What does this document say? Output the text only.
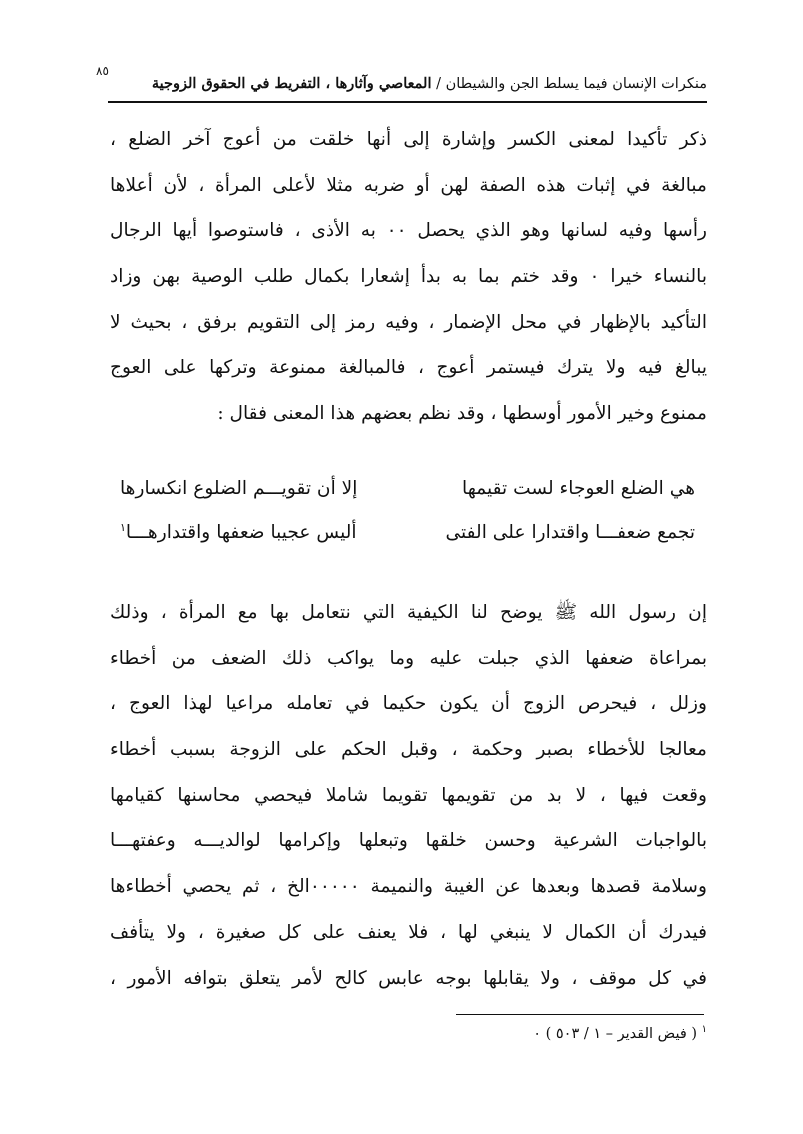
٨٥
منكرات الإنسان فيما يسلط الجن والشيطان / المعاصي وآثارها ، التفريط في الحقوق الزوجية
ذكر تأكيدا لمعنى الكسر وإشارة إلى أنها خلقت من أعوج آخر الضلع ،
مبالغة في إثبات هذه الصفة لهن أو ضربه مثلا لأعلى المرأة ، لأن أعلاها
رأسها وفيه لسانها وهو الذي يحصل ٠٠ به الأذى ، فاستوصوا أيها الرجال
بالنساء خيرا ٠ وقد ختم بما به بدأ إشعارا بكمال طلب الوصية بهن وزاد
التأكيد بالإظهار في محل الإضمار ، وفيه رمز إلى التقويم برفق ، بحيث لا
يبالغ فيه ولا يترك فيستمر أعوج ، فالمبالغة ممنوعة وتركها على العوج
ممنوع وخير الأمور أوسطها ، وقد نظم بعضهم هذا المعنى فقال :
هي الضلع العوجاء لست تقيمها
إلا أن تقويـــم الضلوع انكسارها
تجمع ضعفـــا واقتدارا على الفتى
أليس عجيبا ضعفها واقتدارهـــا$^١$
إن رسول الله ﷺ يوضح لنا الكيفية التي نتعامل بها مع المرأة ، وذلك
بمراعاة ضعفها الذي جبلت عليه وما يواكب ذلك الضعف من أخطاء
وزلل ، فيحرص الزوج أن يكون حكيما في تعامله مراعيا لهذا العوج ،
معالجا للأخطاء بصبر وحكمة ، وقبل الحكم على الزوجة بسبب أخطاء
وقعت فيها ، لا بد من تقويمها تقويما شاملا فيحصي محاسنها كقيامها
بالواجبات الشرعية وحسن خلقها وتبعلها وإكرامها لوالديـــه وعفتهـــا
وسلامة قصدها وبعدها عن الغيبة والنميمة ٠٠٠٠٠الخ ، ثم يحصي أخطاءها
فيدرك أن الكمال لا ينبغي لها ، فلا يعنف على كل صغيرة ، ولا يتأفف
في كل موقف ، ولا يقابلها بوجه عابس كالح لأمر يتعلق بتوافه الأمور ،
$^١$ ( فيض القدير – ١ / ٥٠٣ ) ٠
